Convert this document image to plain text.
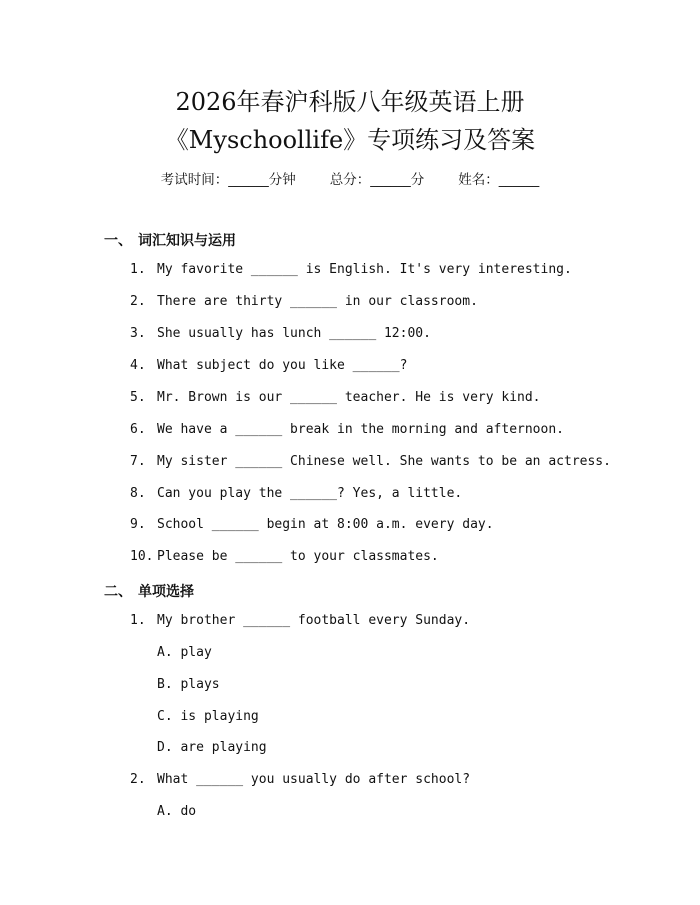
2026年春沪科版八年级英语上册
《Myschoollife》专项练习及答案
考试时间：______分钟	总分：______分	姓名：______
一、 词汇知识与运用
1. My favorite ______ is English. It's very interesting.
2. There are thirty ______ in our classroom.
3. She usually has lunch ______ 12:00.
4. What subject do you like ______?
5. Mr. Brown is our ______ teacher. He is very kind.
6. We have a ______ break in the morning and afternoon.
7. My sister ______ Chinese well. She wants to be an actress.
8. Can you play the ______? Yes, a little.
9. School ______ begin at 8:00 a.m. every day.
10. Please be ______ to your classmates.
二、 单项选择
1. My brother ______ football every Sunday.
A. play
B. plays
C. is playing
D. are playing
2. What ______ you usually do after school?
A. do
